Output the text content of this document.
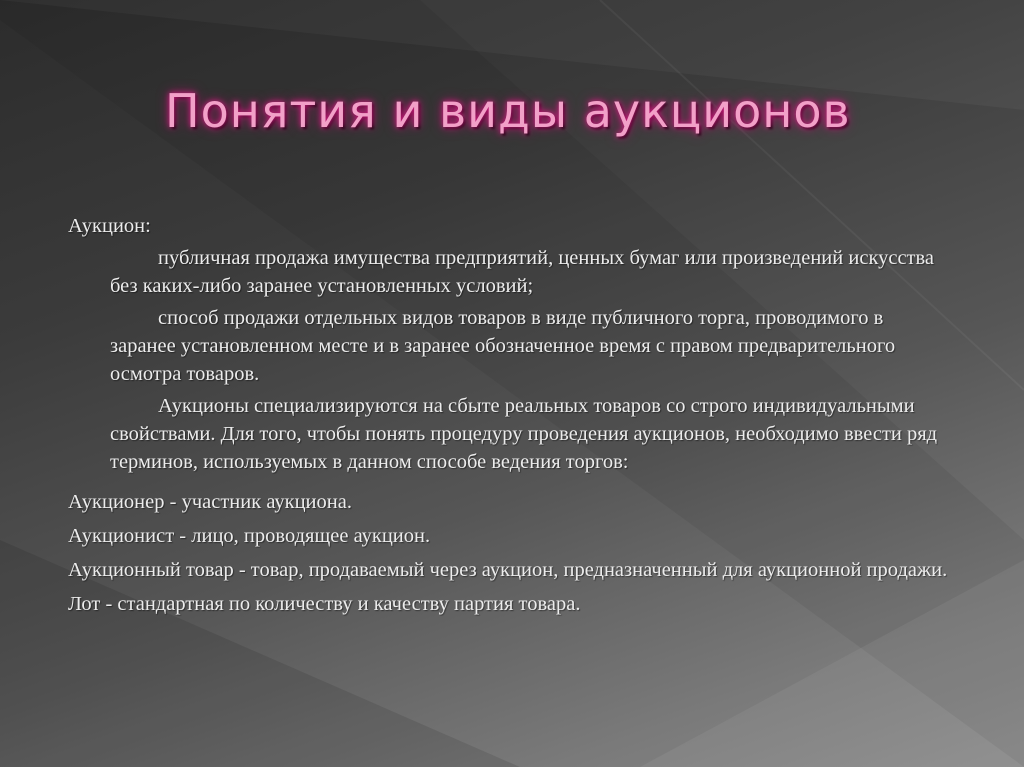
Понятия и виды аукционов

Аукцион:

публичная продажа имущества предприятий, ценных бумаг или произведений искусства без каких-либо заранее установленных условий;

способ продажи отдельных видов товаров в виде публичного торга, проводимого в заранее установленном месте и в заранее обозначенное время с правом предварительного осмотра товаров.

Аукционы специализируются на сбыте реальных товаров со строго индивидуальными свойствами. Для того, чтобы понять процедуру проведения аукционов, необходимо ввести ряд терминов, используемых в данном способе ведения торгов:

Аукционер - участник аукциона.

Аукционист - лицо, проводящее аукцион.

Аукционный товар - товар, продаваемый через аукцион, предназначенный для аукционной продажи.

Лот - стандартная по количеству и качеству партия товара.
